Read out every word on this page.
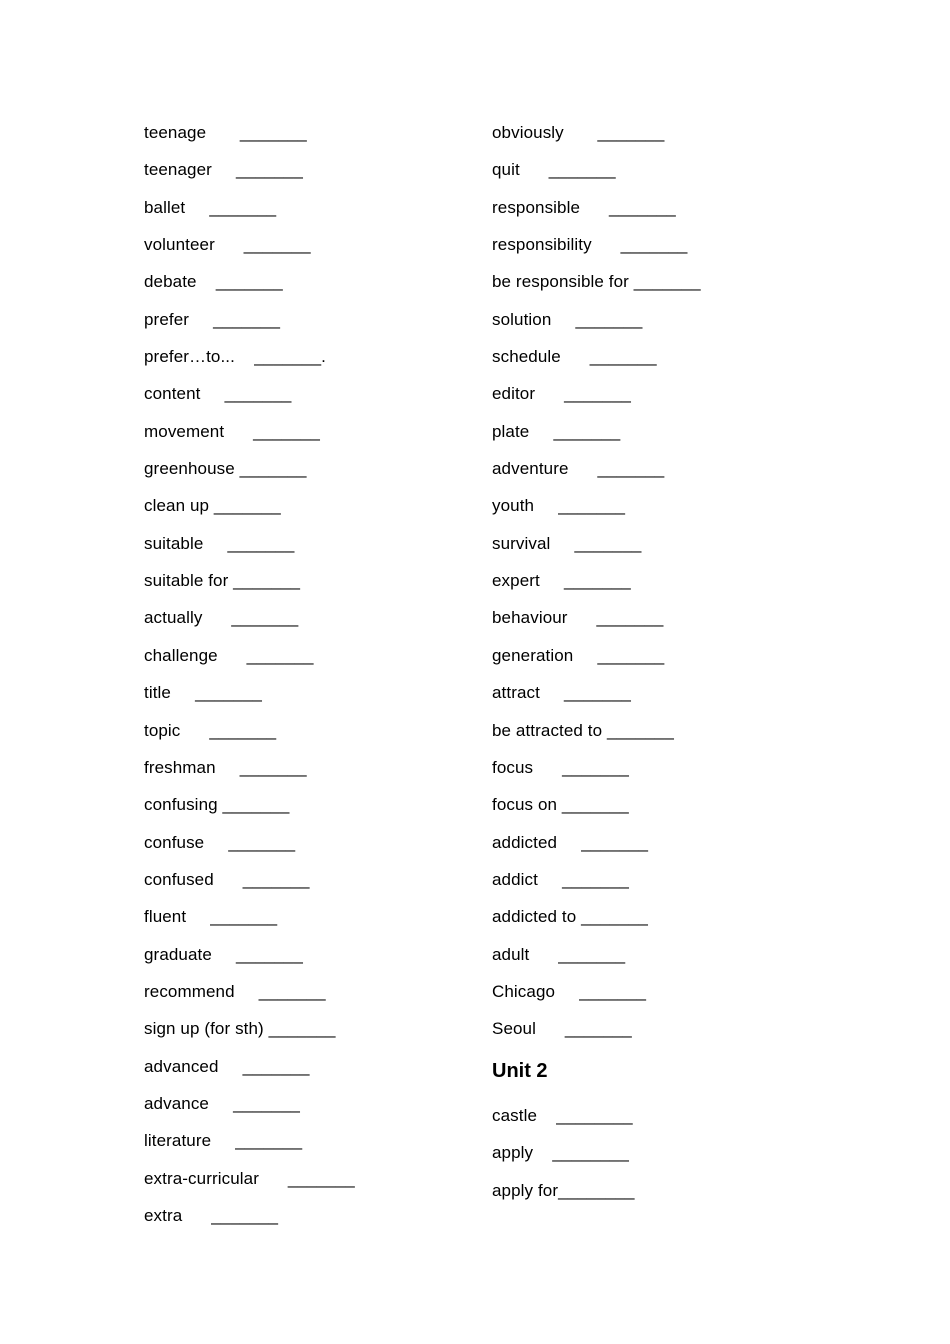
teenage       _______
teenager     _______
ballet     _______
volunteer      _______
debate    _______
prefer     _______
prefer…to...    _______.
content     _______
movement      _______
greenhouse _______
clean up _______
suitable     _______
suitable for _______
actually      _______
challenge      _______
title     _______
topic      _______
freshman     _______
confusing _______
confuse     _______
confused      _______
fluent     _______
graduate     _______
recommend     _______
sign up (for sth) _______
advanced     _______
advance     _______
literature     _______
extra-curricular      _______
extra      _______
obviously       _______
quit      _______
responsible      _______
responsibility      _______
be responsible for _______
solution     _______
schedule      _______
editor      _______
plate     _______
adventure      _______
youth     _______
survival     _______
expert     _______
behaviour      _______
generation     _______
attract     _______
be attracted to _______
focus      _______
focus on _______
addicted     _______
addict     _______
addicted to _______
adult      _______
Chicago     _______
Seoul      _______
Unit 2
castle    ________
apply    ________
apply for________
